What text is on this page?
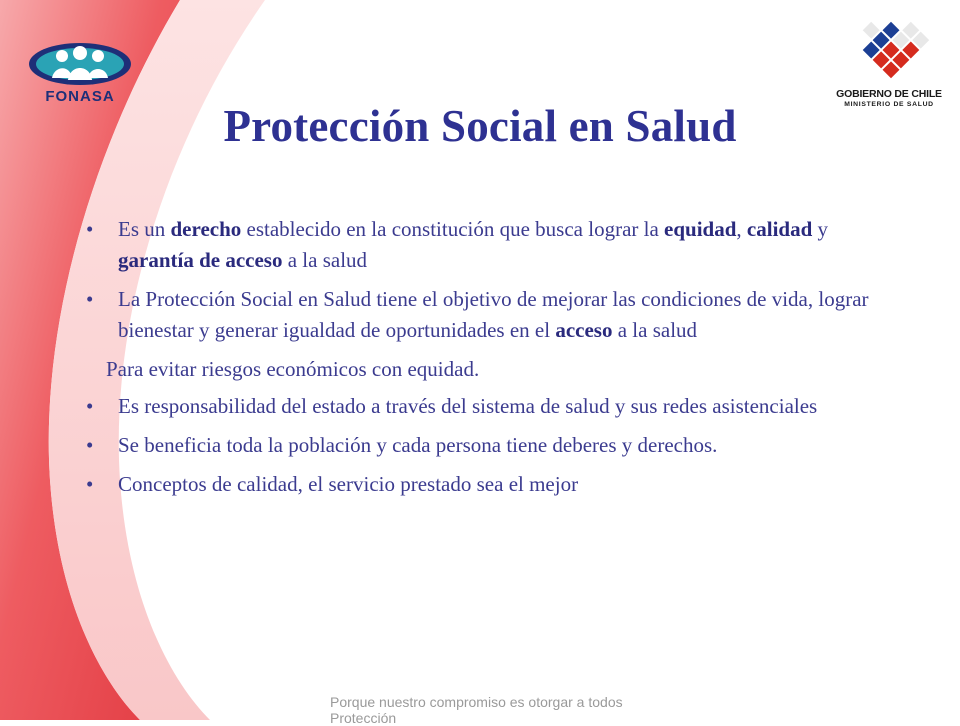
FONASA	GOBIERNO DE CHILE
MINISTERIO DE SALUD
Protección Social en Salud
• Es un derecho establecido en la constitución que busca lograr la equidad, calidad y garantía de acceso a la salud
• La Protección Social en Salud tiene el objetivo de mejorar las condiciones de vida, lograr bienestar y generar igualdad de oportunidades en el acceso a la salud
Para evitar riesgos económicos con equidad.
• Es responsabilidad del estado a través del sistema de salud y sus redes asistenciales
• Se beneficia toda la población y cada persona tiene deberes y derechos.
• Conceptos de calidad, el servicio prestado sea el mejor
Porque nuestro compromiso es otorgar a todos Protección
